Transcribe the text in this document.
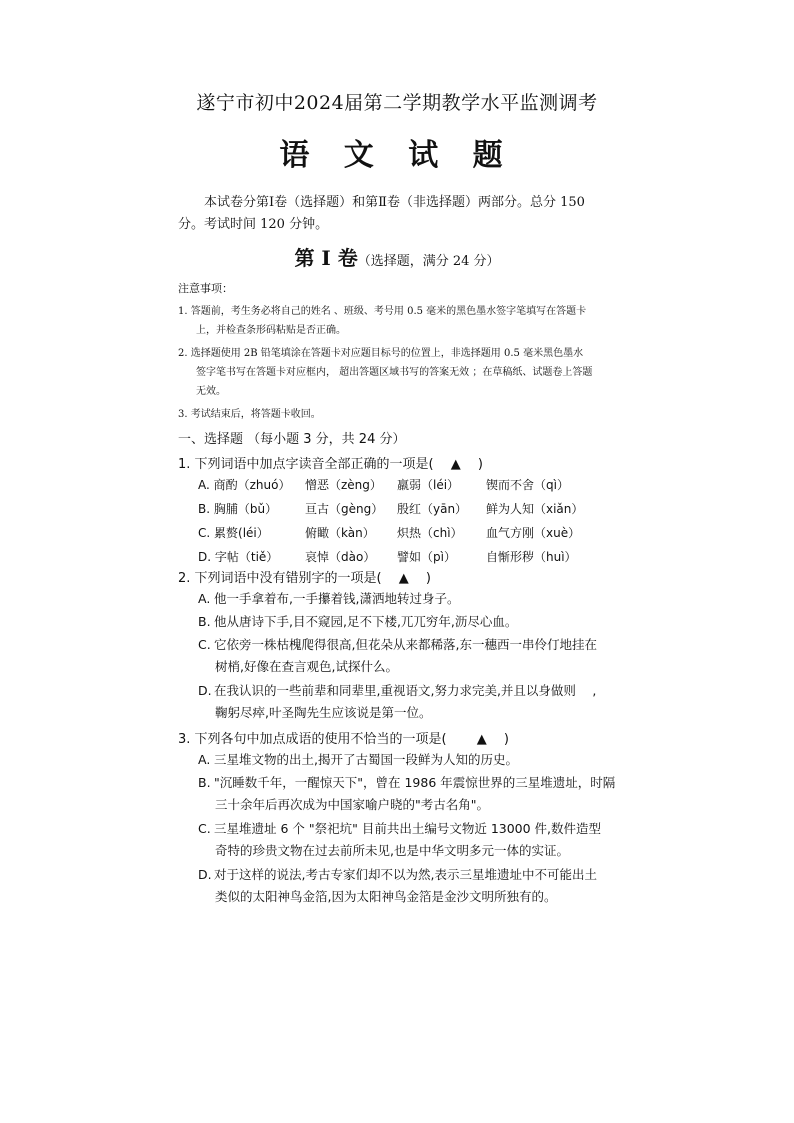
遂宁市初中2024届第二学期教学水平监测调考
语 文 试 题
本试卷分第Ⅰ卷（选择题）和第Ⅱ卷（非选择题）两部分。总分 150
分。考试时间 120 分钟。
第 Ⅰ 卷（选择题，满分 24 分）
注意事项：
1. 答题前，考生务必将自己的姓名 、班级、考号用 0.5 毫米的黑色墨水签字笔填写在答题卡
上，并检查条形码粘贴是否正确。
2. 选择题使用 2B 铅笔填涂在答题卡对应题目标号的位置上，非选择题用 0.5 毫米黑色墨水
签字笔书写在答题卡对应框内， 超出答题区域书写的答案无效 ；在草稿纸、试题卷上答题
无效。
3. 考试结束后，将答题卡收回。
一、选择题 （每小题 3 分，共 24 分）
1. 下列词语中加点字读音全部正确的一项是(　 ▲ 　)
A. 商酌（zhuó） 憎恶（zèng） 羸弱（léi） 锲而不舍（qì）
B. 胸脯（bǔ） 亘古（gèng） 殷红（yān） 鲜为人知（xiǎn）
C. 累赘(léi）	俯瞰（kàn） 炽热（chì） 血气方刚（xuè）
D. 字帖（tiě） 哀悼（dào） 譬如（pì）	自惭形秽（huì）
2. 下列词语中没有错别字的一项是(　 ▲ 　)
A. 他一手拿着布,一手攥着钱,潇洒地转过身子。
B. 他从唐诗下手,目不窥园,足不下楼,兀兀穷年,沥尽心血。
C. 它依旁一株枯槐爬得很高,但花朵从来都稀落,东一穗西一串伶仃地挂在
树梢,好像在查言观色,试探什么。
D. 在我认识的一些前辈和同辈里,重视语文,努力求完美,并且以身做则 　,
鞠躬尽瘁,叶圣陶先生应该说是第一位。
3. 下列各句中加点成语的使用不恰当的一项是(　　 ▲ 　)
A. 三星堆文物的出土,揭开了古蜀国一段鲜为人知的历史。
B. "沉睡数千年，一醒惊天下"，曾在 1986 年震惊世界的三星堆遗址，时隔
三十余年后再次成为中国家喻户晓的"考古名角"。
C. 三星堆遗址 6 个 "祭祀坑" 目前共出土编号文物近 13000 件,数件造型
奇特的珍贵文物在过去前所未见,也是中华文明多元一体的实证。
D. 对于这样的说法,考古专家们却不以为然,表示三星堆遗址中不可能出土
类似的太阳神鸟金箔,因为太阳神鸟金箔是金沙文明所独有的。
